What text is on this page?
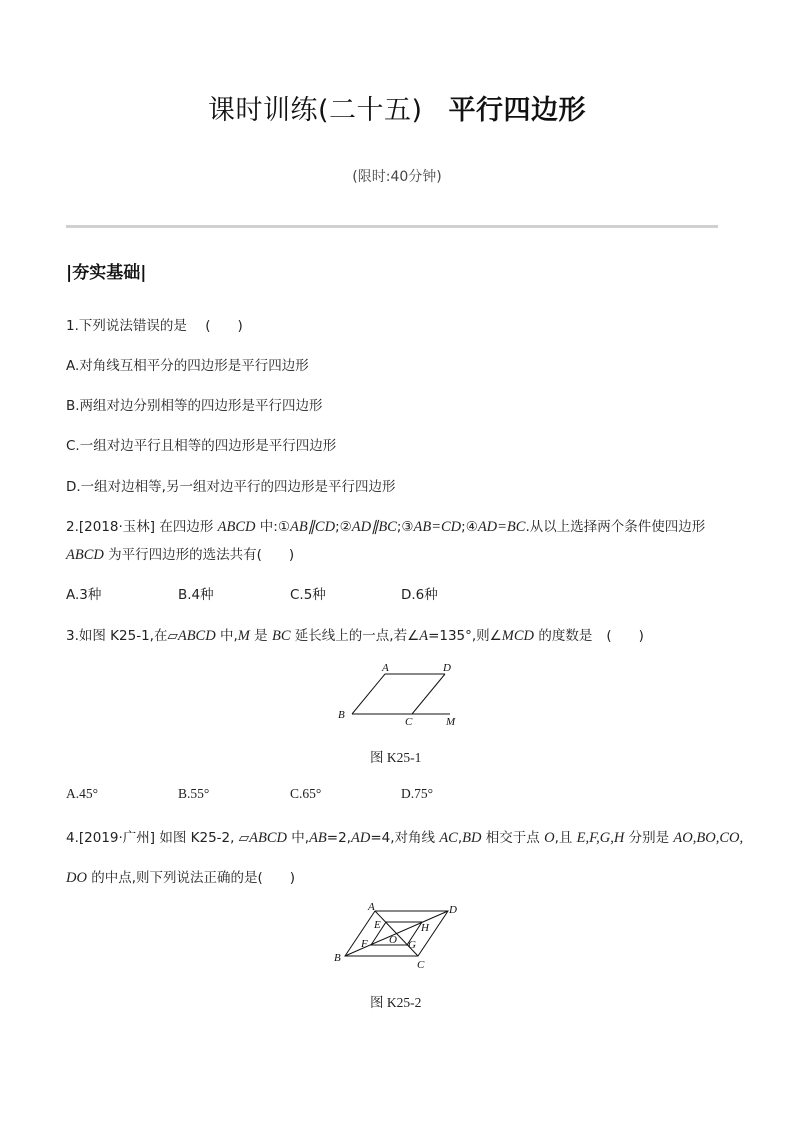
课时训练(二十五) 平行四边形
(限时:40分钟)
|夯实基础|
1.下列说法错误的是 (　　)
A.对角线互相平分的四边形是平行四边形
B.两组对边分别相等的四边形是平行四边形
C.一组对边平行且相等的四边形是平行四边形
D.一组对边相等,另一组对边平行的四边形是平行四边形
2.[2018·玉林] 在四边形 ABCD 中:①AB∥CD;②AD∥BC;③AB=CD;④AD=BC.从以上选择两个条件使四边形
ABCD 为平行四边形的选法共有(　　)
A.3种	B.4种	C.5种	D.6种
3.如图 K25-1,在▱ABCD 中,M 是 BC 延长线上的一点,若∠A=135°,则∠MCD 的度数是 (　　)
A	D
B
C	M
图 K25-1
A.45°	B.55°	C.65°	D.75°
4.[2019·广州] 如图 K25-2, ▱ABCD 中,AB=2,AD=4,对角线 AC,BD 相交于点 O,且 E,F,G,H 分别是 AO,BO,CO,
DO 的中点,则下列说法正确的是(　　)
A	D
B
C
E
F	G
H
O
图 K25-2
